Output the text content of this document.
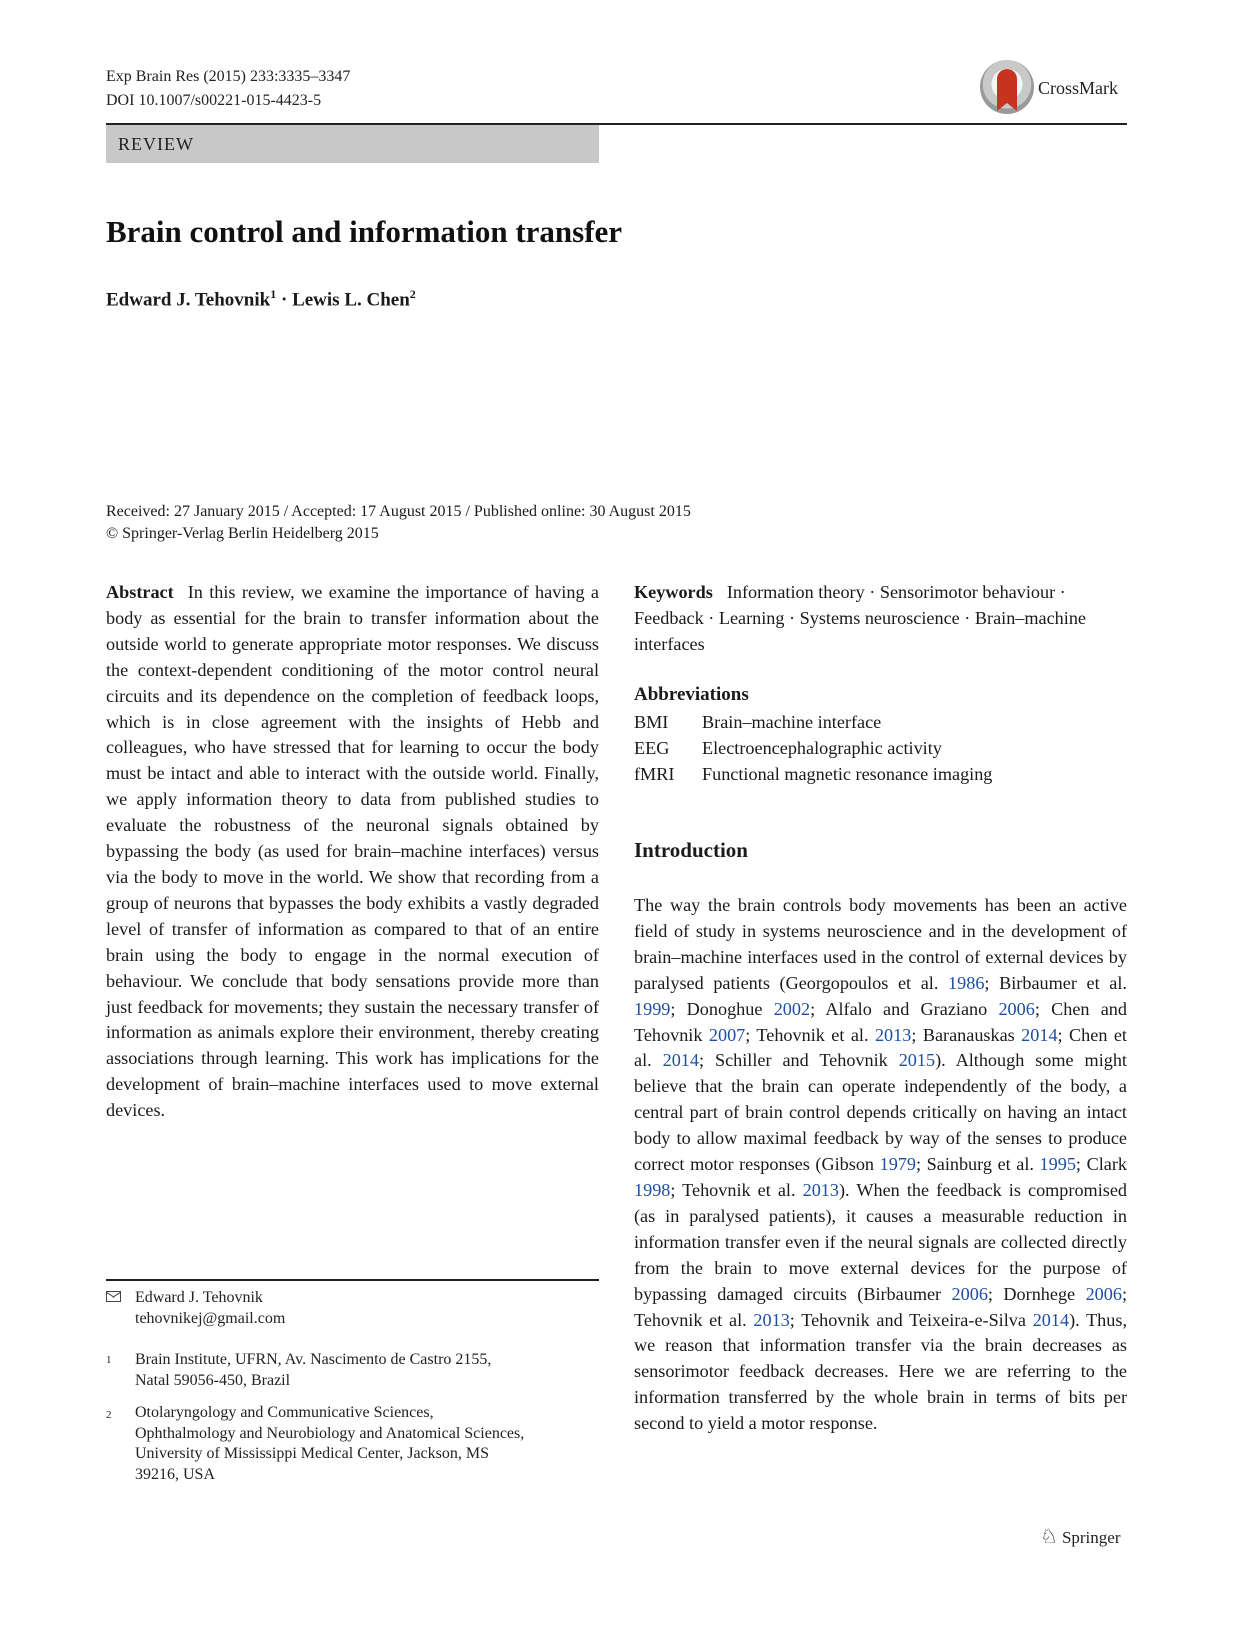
Exp Brain Res (2015) 233:3335–3347
DOI 10.1007/s00221-015-4423-5
CrossMark
REVIEW
Brain control and information transfer
Edward J. Tehovnik$^1$ · Lewis L. Chen$^2$
Received: 27 January 2015 / Accepted: 17 August 2015 / Published online: 30 August 2015
© Springer-Verlag Berlin Heidelberg 2015
Abstract In this review, we examine the importance of having a body as essential for the brain to transfer information about the outside world to generate appropriate motor responses. We discuss the context-dependent conditioning of the motor control neural circuits and its dependence on the completion of feedback loops, which is in close agreement with the insights of Hebb and colleagues, who have stressed that for learning to occur the body must be intact and able to interact with the outside world. Finally, we apply information theory to data from published studies to evaluate the robustness of the neuronal signals obtained by bypassing the body (as used for brain–machine interfaces) versus via the body to move in the world. We show that recording from a group of neurons that bypasses the body exhibits a vastly degraded level of transfer of information as compared to that of an entire brain using the body to engage in the normal execution of behaviour. We conclude that body sensations provide more than just feedback for movements; they sustain the necessary transfer of information as animals explore their environment, thereby creating associations through learning. This work has implications for the development of brain–machine interfaces used to move external devices.
Keywords Information theory · Sensorimotor behaviour · Feedback · Learning · Systems neuroscience · Brain–machine interfaces
Abbreviations
BMI	Brain–machine interface
EEG	Electroencephalographic activity
fMRI	Functional magnetic resonance imaging
Introduction
The way the brain controls body movements has been an active field of study in systems neuroscience and in the development of brain–machine interfaces used in the control of external devices by paralysed patients (Georgopoulos et al. 1986; Birbaumer et al. 1999; Donoghue 2002; Alfalo and Graziano 2006; Chen and Tehovnik 2007; Tehovnik et al. 2013; Baranauskas 2014; Chen et al. 2014; Schiller and Tehovnik 2015). Although some might believe that the brain can operate independently of the body, a central part of brain control depends critically on having an intact body to allow maximal feedback by way of the senses to produce correct motor responses (Gibson 1979; Sainburg et al. 1995; Clark 1998; Tehovnik et al. 2013). When the feedback is compromised (as in paralysed patients), it causes a measurable reduction in information transfer even if the neural signals are collected directly from the brain to move external devices for the purpose of bypassing damaged circuits (Birbaumer 2006; Dornhege 2006; Tehovnik et al. 2013; Tehovnik and Teixeira-e-Silva 2014). Thus, we reason that information transfer via the brain decreases as sensorimotor feedback decreases. Here we are referring to the information transferred by the whole brain in terms of bits per second to yield a motor response.
Edward J. Tehovnik
tehovnikej@gmail.com
1 Brain Institute, UFRN, Av. Nascimento de Castro 2155,
Natal 59056-450, Brazil
2 Otolaryngology and Communicative Sciences,
Ophthalmology and Neurobiology and Anatomical Sciences,
University of Mississippi Medical Center, Jackson, MS
39216, USA
♘ Springer
